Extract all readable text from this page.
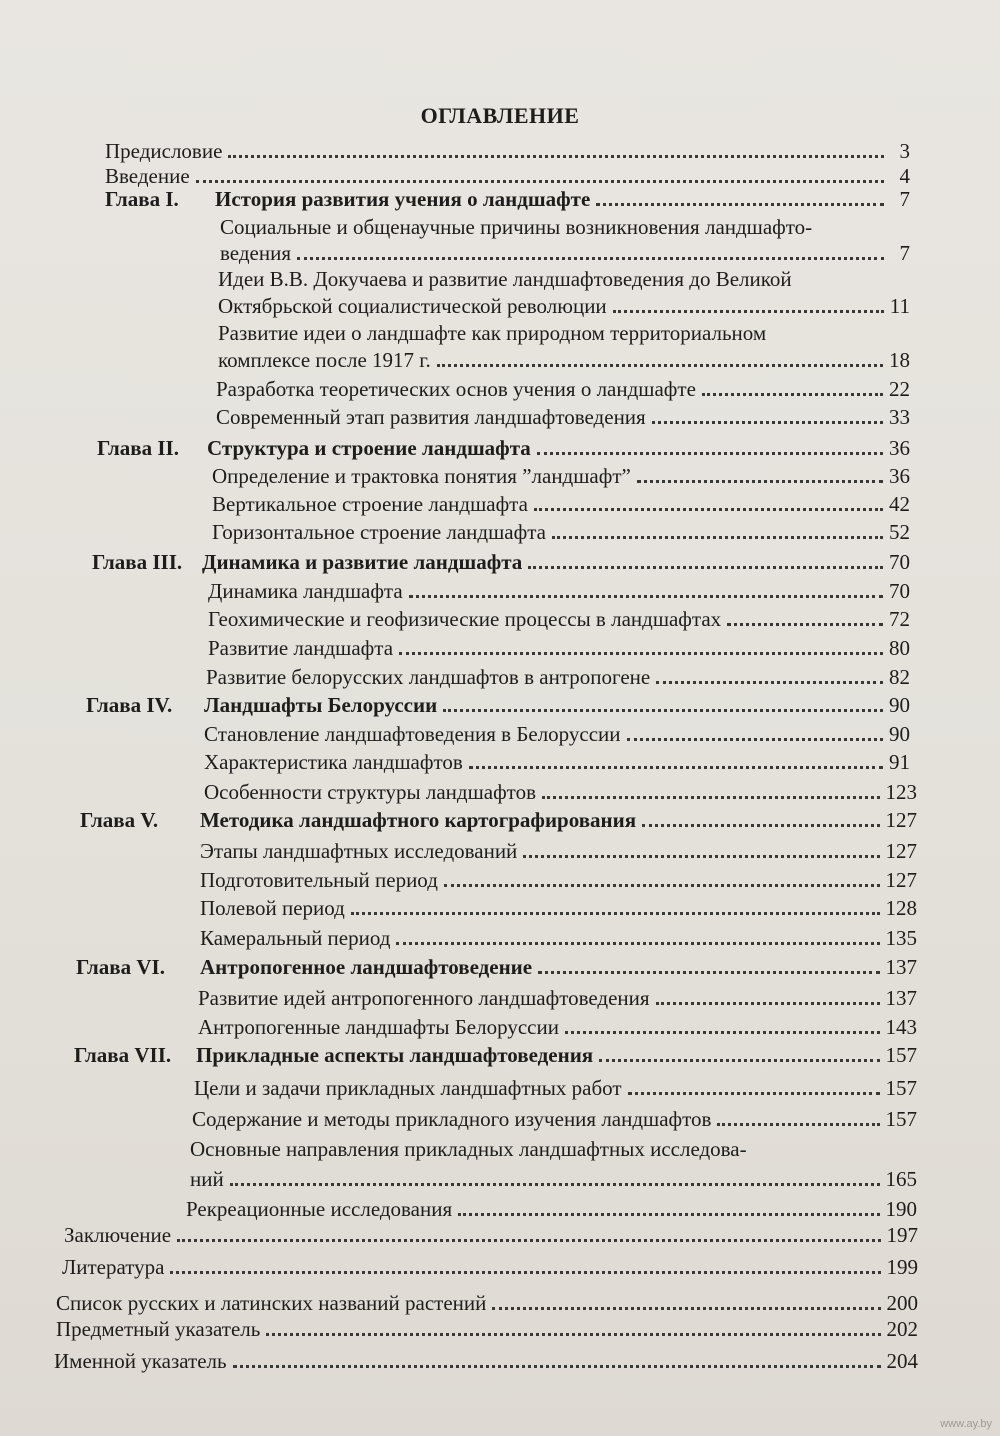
ОГЛАВЛЕНИЕ
Предисловие	3
Введение	4
Глава I.	История развития учения о ландшафте	7
Социальные и общенаучные причины возникновения ландшафто-
ведения	7
Идеи В.В. Докучаева и развитие ландшафтоведения до Великой
Октябрьской социалистической революции	11
Развитие идеи о ландшафте как природном территориальном
комплексе после 1917 г.	18
Разработка теоретических основ учения о ландшафте	22
Современный этап развития ландшафтоведения	33
Глава II.	Структура и строение ландшафта	36
Определение и трактовка понятия ”ландшафт”	36
Вертикальное строение ландшафта	42
Горизонтальное строение ландшафта	52
Глава III. Динамика и развитие ландшафта	70
Динамика ландшафта	70
Геохимические и геофизические процессы в ландшафтах	72
Развитие ландшафта	80
Развитие белорусских ландшафтов в антропогене	82
Глава IV.	Ландшафты Белоруссии	90
Становление ландшафтоведения в Белоруссии	90
Характеристика ландшафтов	91
Особенности структуры ландшафтов	123
Глава V.	Методика ландшафтного картографирования	127
Этапы ландшафтных исследований	127
Подготовительный период	127
Полевой период	128
Камеральный период	135
Глава VI.	Антропогенное ландшафтоведение	137
Развитие идей антропогенного ландшафтоведения	137
Антропогенные ландшафты Белоруссии	143
Глава VII.	Прикладные аспекты ландшафтоведения	157
Цели и задачи прикладных ландшафтных работ	157
Содержание и методы прикладного изучения ландшафтов	157
Основные направления прикладных ландшафтных исследова-
ний	165
Рекреационные исследования	190
Заключение	197
Литература	199
Список русских и латинских названий растений	200
Предметный указатель	202
Именной указатель	204
www.ay.by
